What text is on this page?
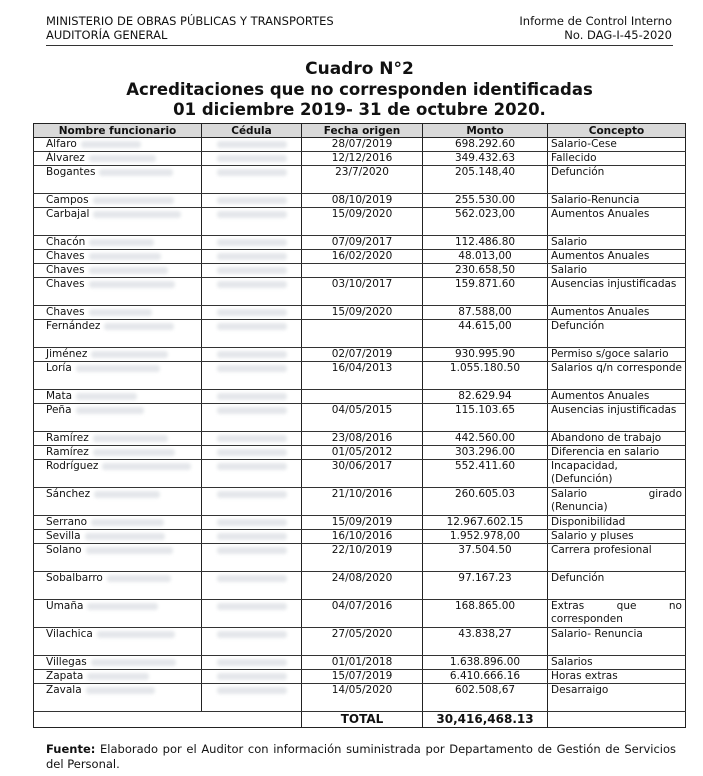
MINISTERIO DE OBRAS PÚBLICAS Y TRANSPORTES
AUDITORÍA GENERAL
Informe de Control Interno
No. DAG-I-45-2020
Cuadro N°2
Acreditaciones que no corresponden identificadas
01 diciembre 2019- 31 de octubre 2020.
Nombre funcionario	Cédula	Fecha origen	Monto	Concepto
Alfaro		28/07/2019	698.292.60	Salario-Cese
Álvarez		12/12/2016	349.432.63	Fallecido
Bogantes		23/7/2020	205.148,40	Defunción
Campos		08/10/2019	255.530.00	Salario-Renuncia
Carbajal		15/09/2020	562.023,00	Aumentos Anuales
Chacón		07/09/2017	112.486.80	Salario
Chaves		16/02/2020	48.013,00	Aumentos Anuales
Chaves			230.658,50	Salario
Chaves		03/10/2017	159.871.60	Ausencias injustificadas
Chaves		15/09/2020	87.588,00	Aumentos Anuales
Fernández			44.615,00	Defunción
Jiménez		02/07/2019	930.995.90	Permiso s/goce salario
Loría		16/04/2013	1.055.180.50	Salarios q/n corresponde

Mata			82.629.94	Aumentos Anuales
Peña		04/05/2015	115.103.65	Ausencias injustificadas
Ramírez		23/08/2016	442.560.00	Abandono de trabajo
Ramírez		01/05/2012	303.296.00	Diferencia en salario
Rodríguez		30/06/2017	552.411.60	Incapacidad, (Defunción)
Sánchez		21/10/2016	260.605.03	Salario girado (Renuncia)

Serrano		15/09/2019	12.967.602.15	Disponibilidad
Sevilla		16/10/2016	1.952.978,00	Salario y pluses
Solano		22/10/2019	37.504.50	Carrera profesional
Sobalbarro		24/08/2020	97.167.23	Defunción
Umaña		04/07/2016	168.865.00	Extras que no corresponden

Vilachica		27/05/2020	43.838,27	Salario- Renuncia
Villegas		01/01/2018	1.638.896.00	Salarios
Zapata		15/07/2019	6.410.666.16	Horas extras
Zavala		14/05/2020	602.508,67	Desarraigo
		TOTAL	30,416,468.13	
Fuente: Elaborado por el Auditor con información suministrada por Departamento de Gestión de Servicios del Personal.
